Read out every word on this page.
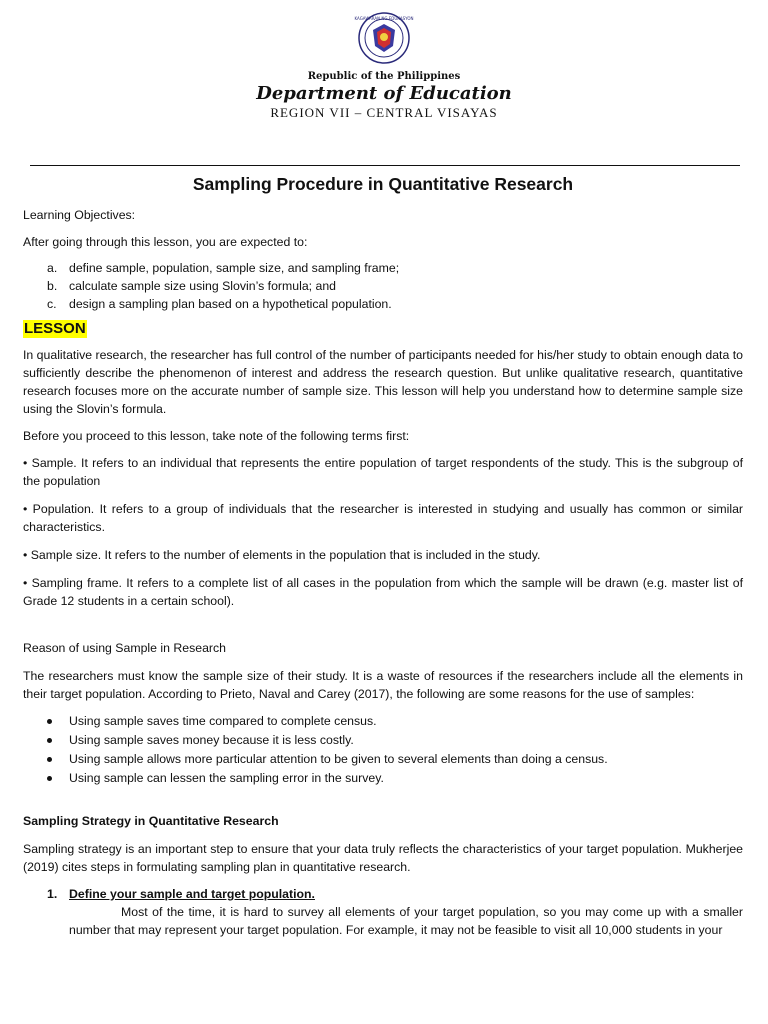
KAGAWARAN NG EDUKASYON
Republic of the Philippines
Department of Education
REGION VII – CENTRAL VISAYAS
Sampling Procedure in Quantitative Research

Learning Objectives:

After going through this lesson, you are expected to:

a. define sample, population, sample size, and sampling frame;
b. calculate sample size using Slovin’s formula; and
c. design a sampling plan based on a hypothetical population.
LESSON

In qualitative research, the researcher has full control of the number of participants needed for his/her study to obtain enough data to sufficiently describe the phenomenon of interest and address the research question. But unlike qualitative research, quantitative research focuses more on the accurate number of sample size. This lesson will help you understand how to determine sample size using the Slovin’s formula.

Before you proceed to this lesson, take note of the following terms first:

• Sample. It refers to an individual that represents the entire population of target respondents of the study. This is the subgroup of the population

• Population. It refers to a group of individuals that the researcher is interested in studying and usually has common or similar characteristics.

• Sample size. It refers to the number of elements in the population that is included in the study.

• Sampling frame. It refers to a complete list of all cases in the population from which the sample will be drawn (e.g. master list of Grade 12 students in a certain school).

Reason of using Sample in Research

The researchers must know the sample size of their study. It is a waste of resources if the researchers include all the elements in their target population. According to Prieto, Naval and Carey (2017), the following are some reasons for the use of samples:

Using sample saves time compared to complete census.
Using sample saves money because it is less costly.
Using sample allows more particular attention to be given to several elements than doing a census.
Using sample can lessen the sampling error in the survey.

Sampling Strategy in Quantitative Research

Sampling strategy is an important step to ensure that your data truly reflects the characteristics of your target population. Mukherjee (2019) cites steps in formulating sampling plan in quantitative research.

1. Define your sample and target population.

Most of the time, it is hard to survey all elements of your target population, so you may come up with a smaller number that may represent your target population. For example, it may not be feasible to visit all 10,000 students in your
